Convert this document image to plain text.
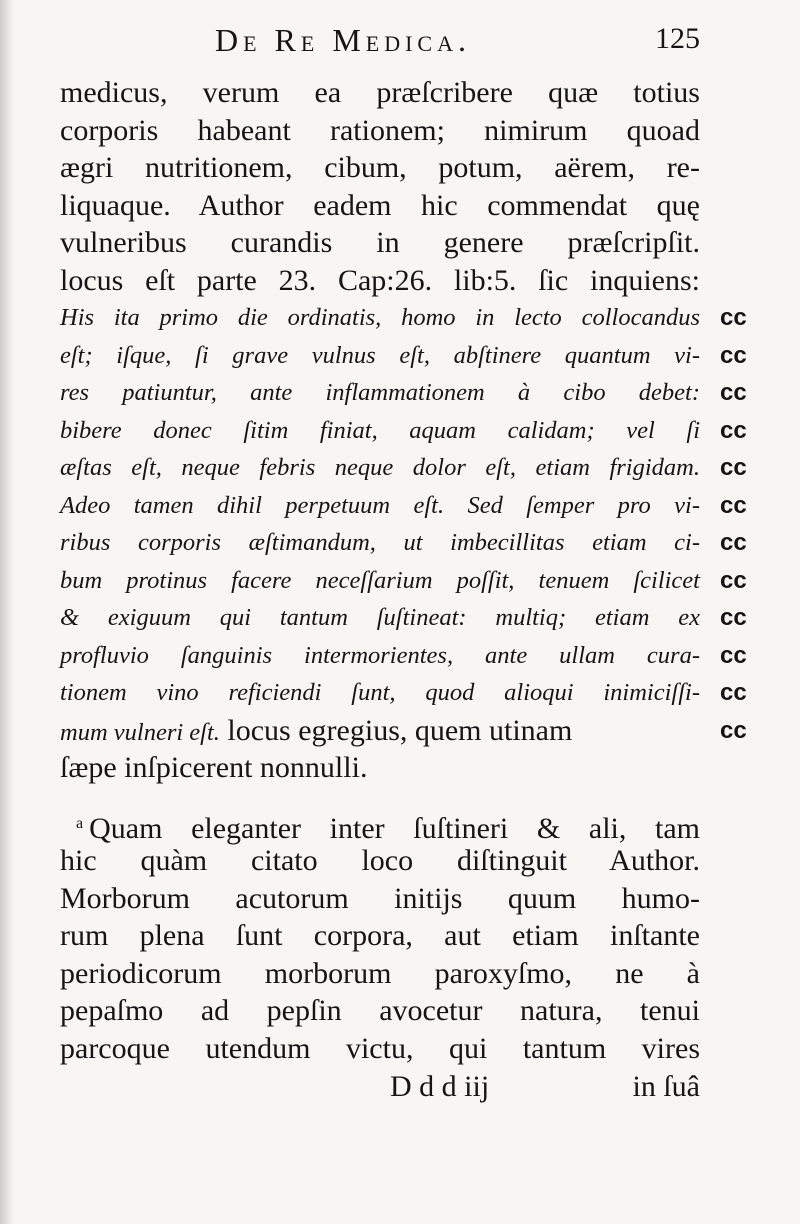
De Re Medica.	125
medicus, verum ea præſcribere quæ totius
corporis habeant rationem; nimirum quoad
ægri nutritionem, cibum, potum, aërem, re-
liquaque. Author eadem hic commendat quę
vulneribus curandis in genere præſcripſit.
locus eſt parte 23. Cap:26. lib:5. ſic inquiens:
His ita primo die ordinatis, homo in lecto collocandus
eſt; iſque, ſi grave vulnus eſt, abſtinere quantum vi-
res patiuntur, ante inflammationem à cibo debet:
bibere donec ſitim finiat, aquam calidam; vel ſi
æſtas eſt, neque febris neque dolor eſt, etiam frigidam.
Adeo tamen dihil perpetuum eſt. Sed ſemper pro vi-
ribus corporis æſtimandum, ut imbecillitas etiam ci-
bum protinus facere neceſſarium poſſit, tenuem ſcilicet
& exiguum qui tantum ſuſtineat: multiq; etiam ex
profluvio ſanguinis intermorientes, ante ullam cura-
tionem vino reficiendi ſunt, quod alioqui inimiciſſi-
mum vulneri eſt. locus egregius, quem utinam
cc
cc
cc
cc
cc
cc
cc
cc
cc
cc
cc
cc
ſæpe inſpicerent nonnulli.
$^a$ Quam eleganter inter ſuſtineri & ali, tam
hic quàm citato loco diſtinguit Author.
Morborum acutorum initijs quum humo-
rum plena ſunt corpora, aut etiam inſtante
periodicorum morborum paroxyſmo, ne à
pepaſmo ad pepſin avocetur natura, tenui
parcoque utendum victu, qui tantum vires
D d d iij	in ſuâ
